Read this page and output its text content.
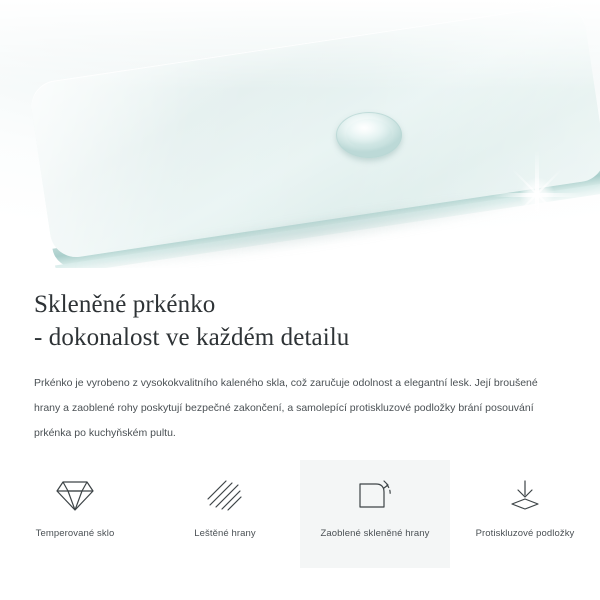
Skleněné prkénko
- dokonalost ve každém detailu

Prkénko je vyrobeno z vysokokvalitního kaleného skla, což zaručuje odolnost a elegantní lesk. Její broušené hrany a zaoblené rohy poskytují bezpečné zakončení, a samolepící protiskluzové podložky brání posouvání prkénka po kuchyňském pultu.

Temperované sklo	Leštěné hrany	Zaoblené skleněné hrany	Protiskluzové podložky
